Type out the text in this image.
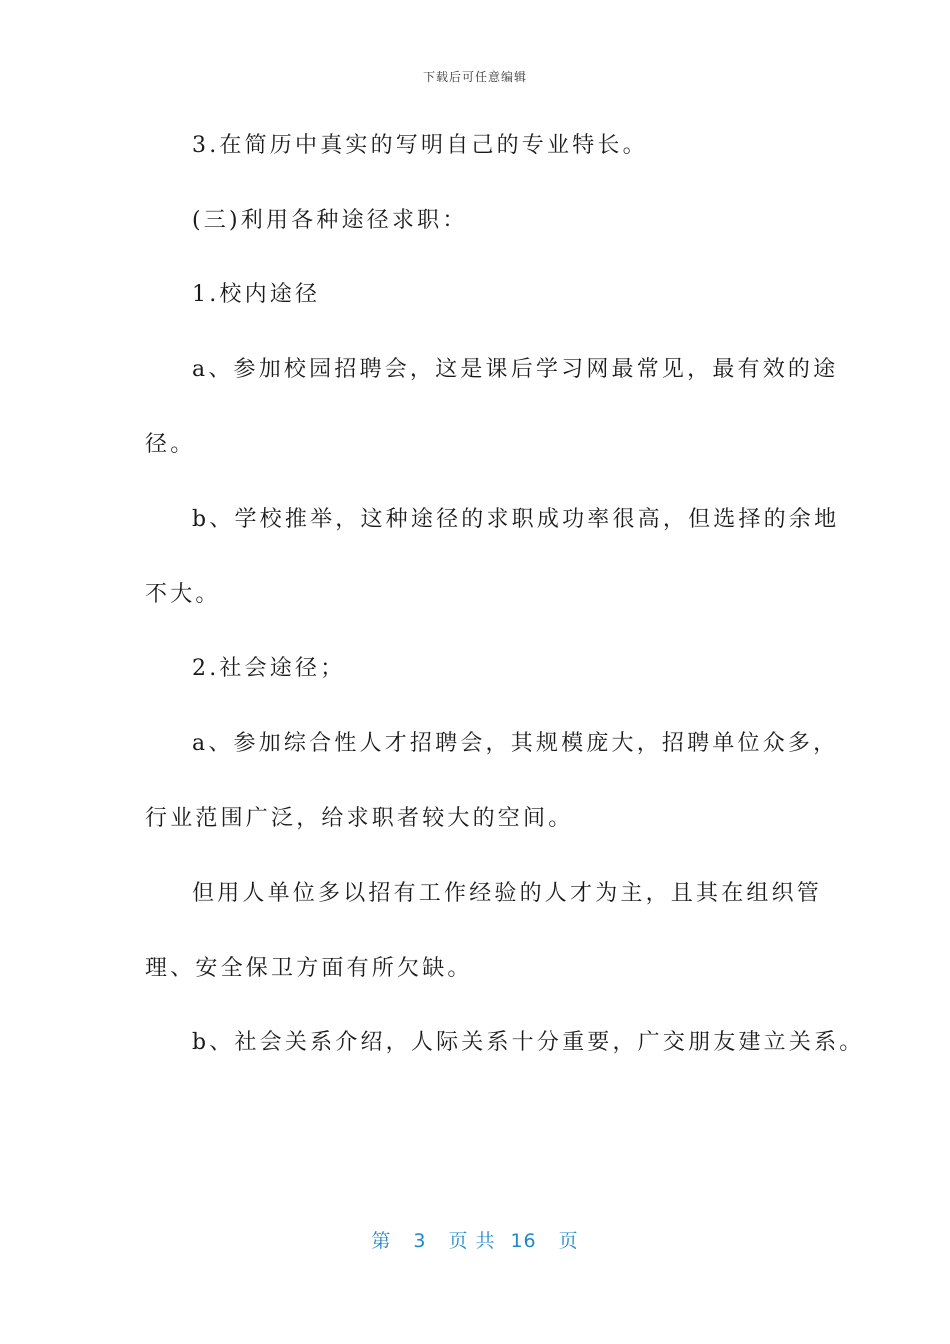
下载后可任意编辑
3.在简历中真实的写明自己的专业特长。
(三)利用各种途径求职：
1.校内途径
a、参加校园招聘会，这是课后学习网最常见，最有效的途
径。
b、学校推举，这种途径的求职成功率很高，但选择的余地
不大。
2.社会途径；
a、参加综合性人才招聘会，其规模庞大，招聘单位众多，
行业范围广泛，给求职者较大的空间。
但用人单位多以招有工作经验的人才为主，且其在组织管
理、安全保卫方面有所欠缺。
b、社会关系介绍，人际关系十分重要，广交朋友建立关系。
第 3 页共 16 页
